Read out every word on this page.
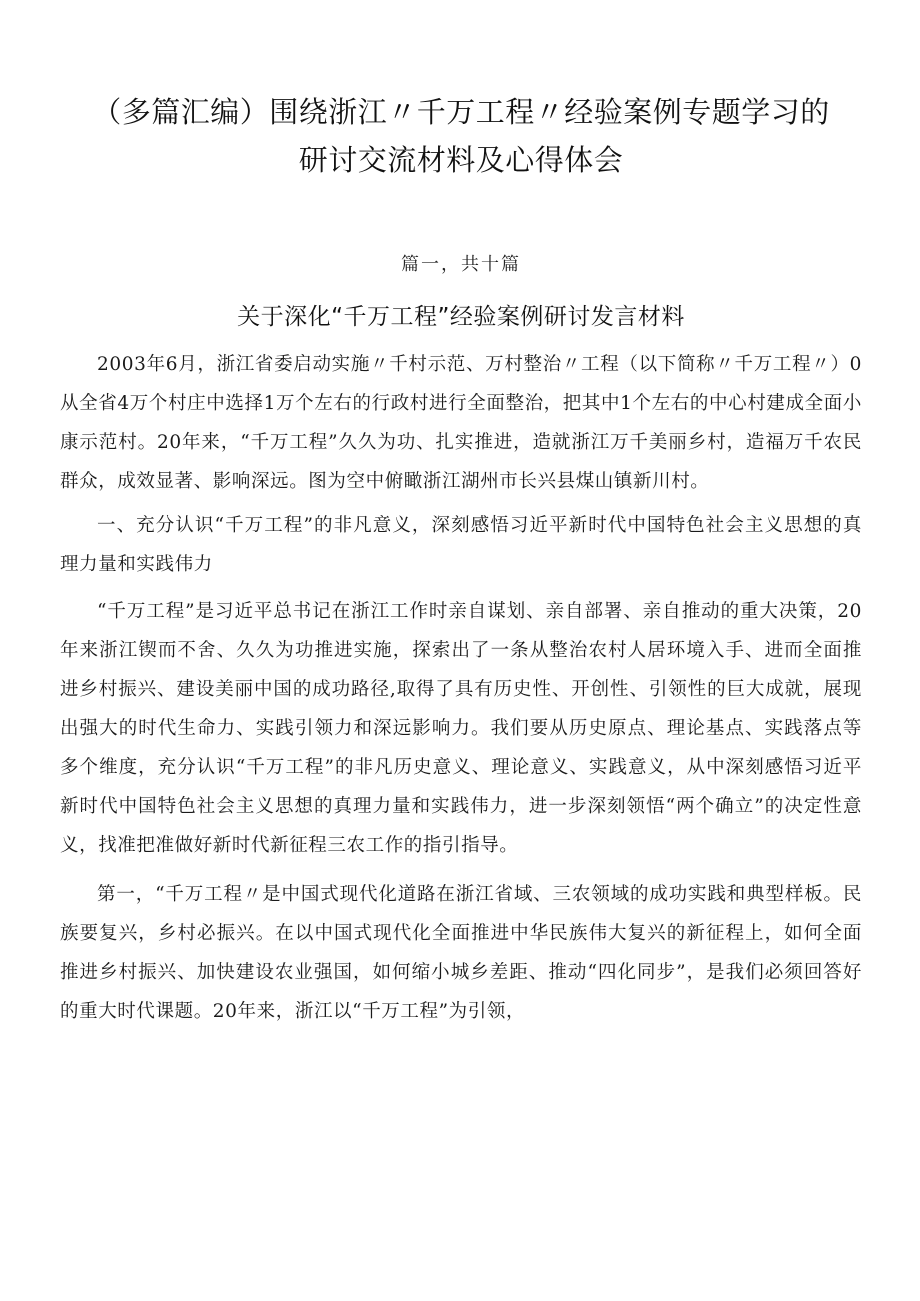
（多篇汇编）围绕浙江〃千万工程〃经验案例专题学习的
研讨交流材料及心得体会
篇一，共十篇
关于深化“千万工程”经验案例研讨发言材料

2003年6月，浙江省委启动实施〃千村示范、万村整治〃工程（以下简称〃千万工程〃）0从全省4万个村庄中选择1万个左右的行政村进行全面整治，把其中1个左右的中心村建成全面小康示范村。20年来，“千万工程”久久为功、扎实推进，造就浙江万千美丽乡村，造福万千农民群众，成效显著、影响深远。图为空中俯瞰浙江湖州市长兴县煤山镇新川村。

一、充分认识“千万工程”的非凡意义，深刻感悟习近平新时代中国特色社会主义思想的真理力量和实践伟力

“千万工程”是习近平总书记在浙江工作时亲自谋划、亲自部署、亲自推动的重大决策，20年来浙江锲而不舍、久久为功推进实施，探索出了一条从整治农村人居环境入手、进而全面推进乡村振兴、建设美丽中国的成功路径,取得了具有历史性、开创性、引领性的巨大成就，展现出强大的时代生命力、实践引领力和深远影响力。我们要从历史原点、理论基点、实践落点等多个维度，充分认识“千万工程”的非凡历史意义、理论意义、实践意义，从中深刻感悟习近平新时代中国特色社会主义思想的真理力量和实践伟力，进一步深刻领悟“两个确立”的决定性意义，找准把准做好新时代新征程三农工作的指引指导。

第一，“千万工程〃是中国式现代化道路在浙江省域、三农领域的成功实践和典型样板。民族要复兴，乡村必振兴。在以中国式现代化全面推进中华民族伟大复兴的新征程上，如何全面推进乡村振兴、加快建设农业强国，如何缩小城乡差距、推动“四化同步”，是我们必须回答好的重大时代课题。20年来，浙江以“千万工程”为引领，
